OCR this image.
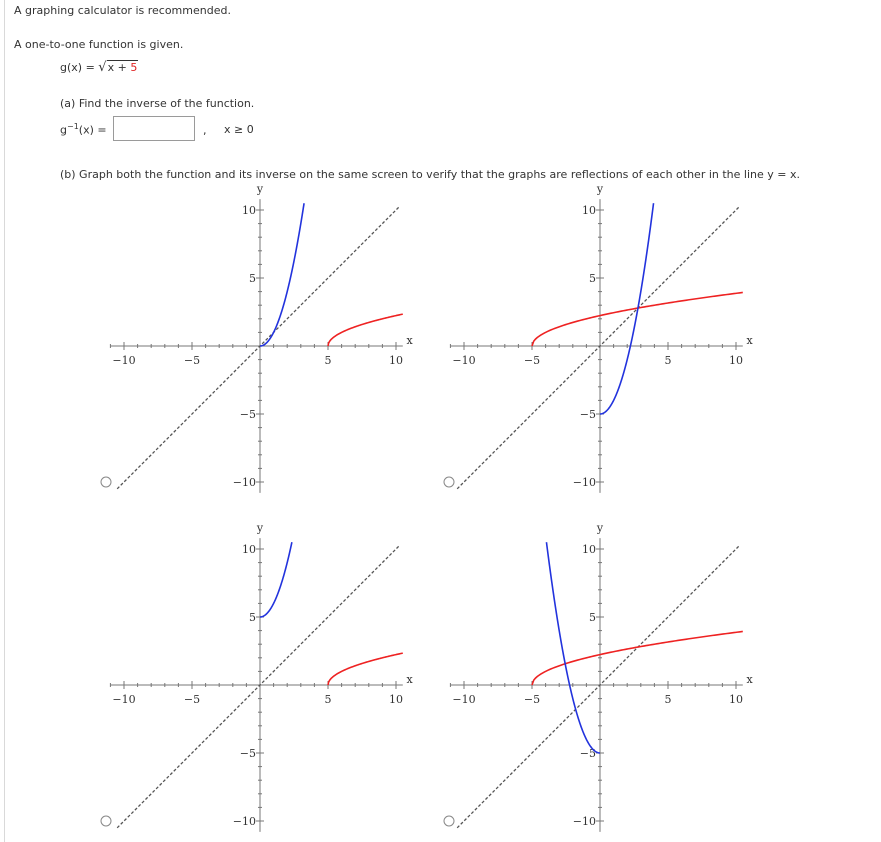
A graphing calculator is recommended.
A one-to-one function is given.
g(x) = √x + 5
(a) Find the inverse of the function.
$g^{-1}(x)$ =	, x ≥ 0
(b) Graph both the function and its inverse on the same screen to verify that the graphs are reflections of each other in the line y = x.
−10	−5	5	10
10
5
−5
−10
x
y
−10	−5	5	10
10
5
−5
−10
x
y
−10	−5	5	10
10
5
−5
−10
x
y
−10	−5	5	10
10
5
−5
−10
x
y
